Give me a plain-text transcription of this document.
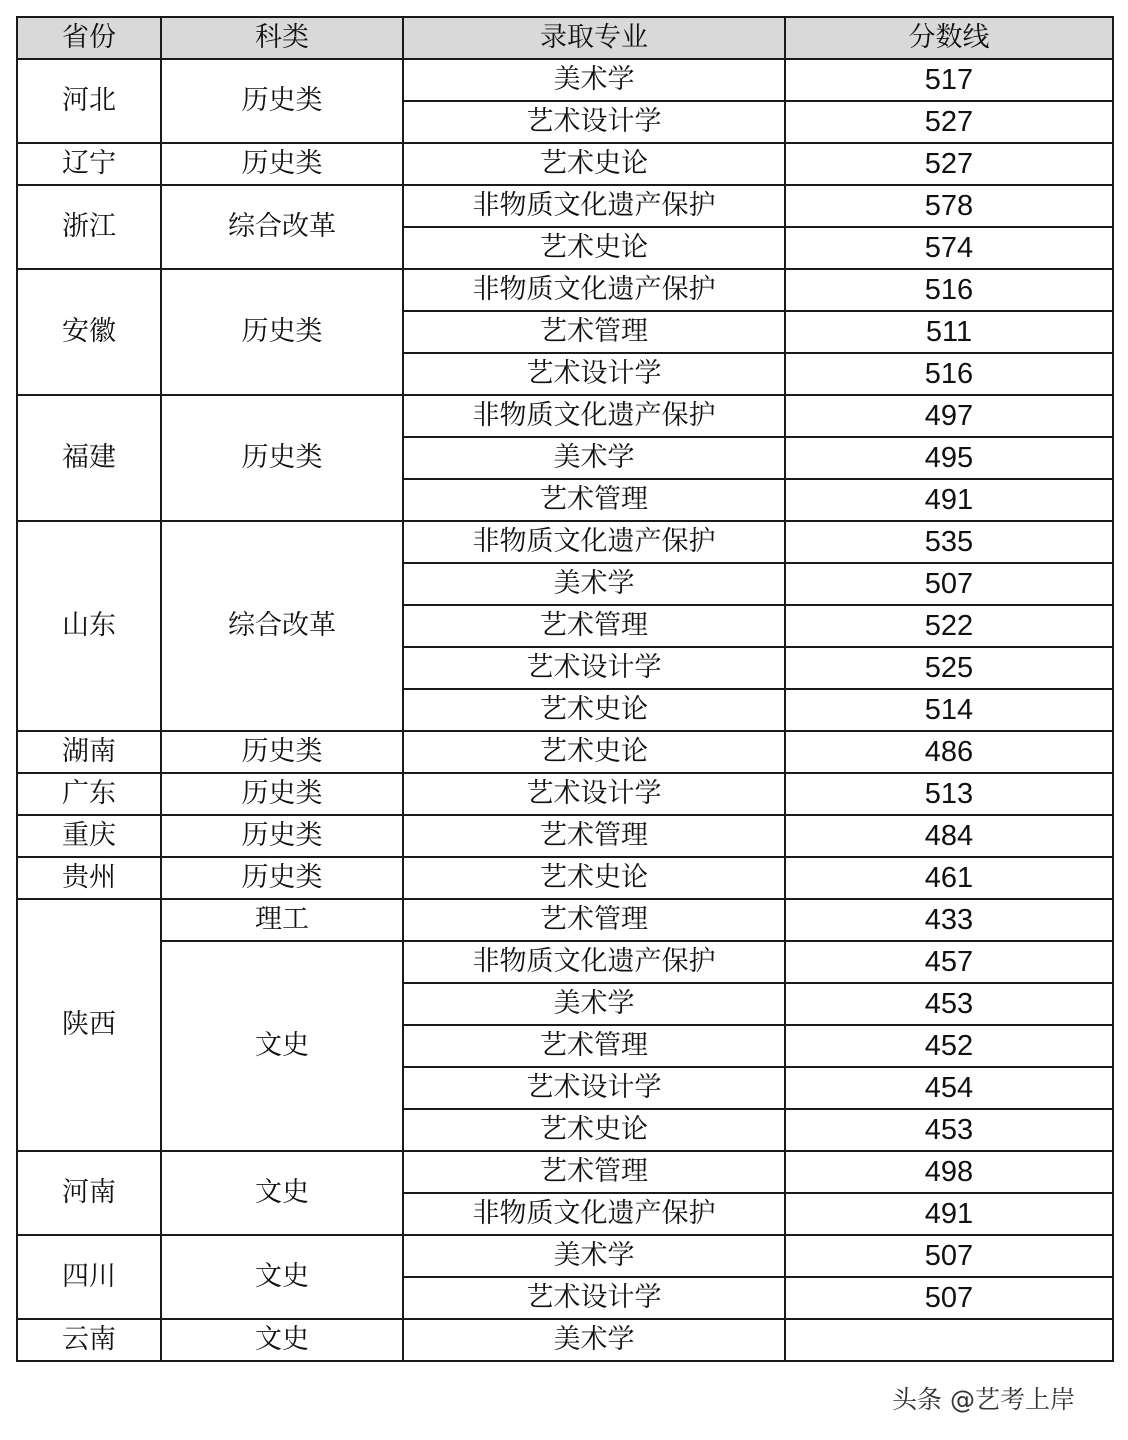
省份	科类	录取专业	分数线
河北	历史类	美术学	517
		艺术设计学	527
辽宁	历史类	艺术史论	527
浙江	综合改革	非物质文化遗产保护	578
		艺术史论	574
安徽	历史类	非物质文化遗产保护	516
		艺术管理	511
		艺术设计学	516
福建	历史类	非物质文化遗产保护	497
		美术学	495
		艺术管理	491
山东	综合改革	非物质文化遗产保护	535
		美术学	507
		艺术管理	522
		艺术设计学	525
		艺术史论	514
湖南	历史类	艺术史论	486
广东	历史类	艺术设计学	513
重庆	历史类	艺术管理	484
贵州	历史类	艺术史论	461
陕西	理工	艺术管理	433
	文史	非物质文化遗产保护	457
		美术学	453
		艺术管理	452
		艺术设计学	454
		艺术史论	453
河南	文史	艺术管理	498
		非物质文化遗产保护	491
四川	文史	美术学	507
		艺术设计学	507
云南	文史	美术学	
头条 @艺考上岸
